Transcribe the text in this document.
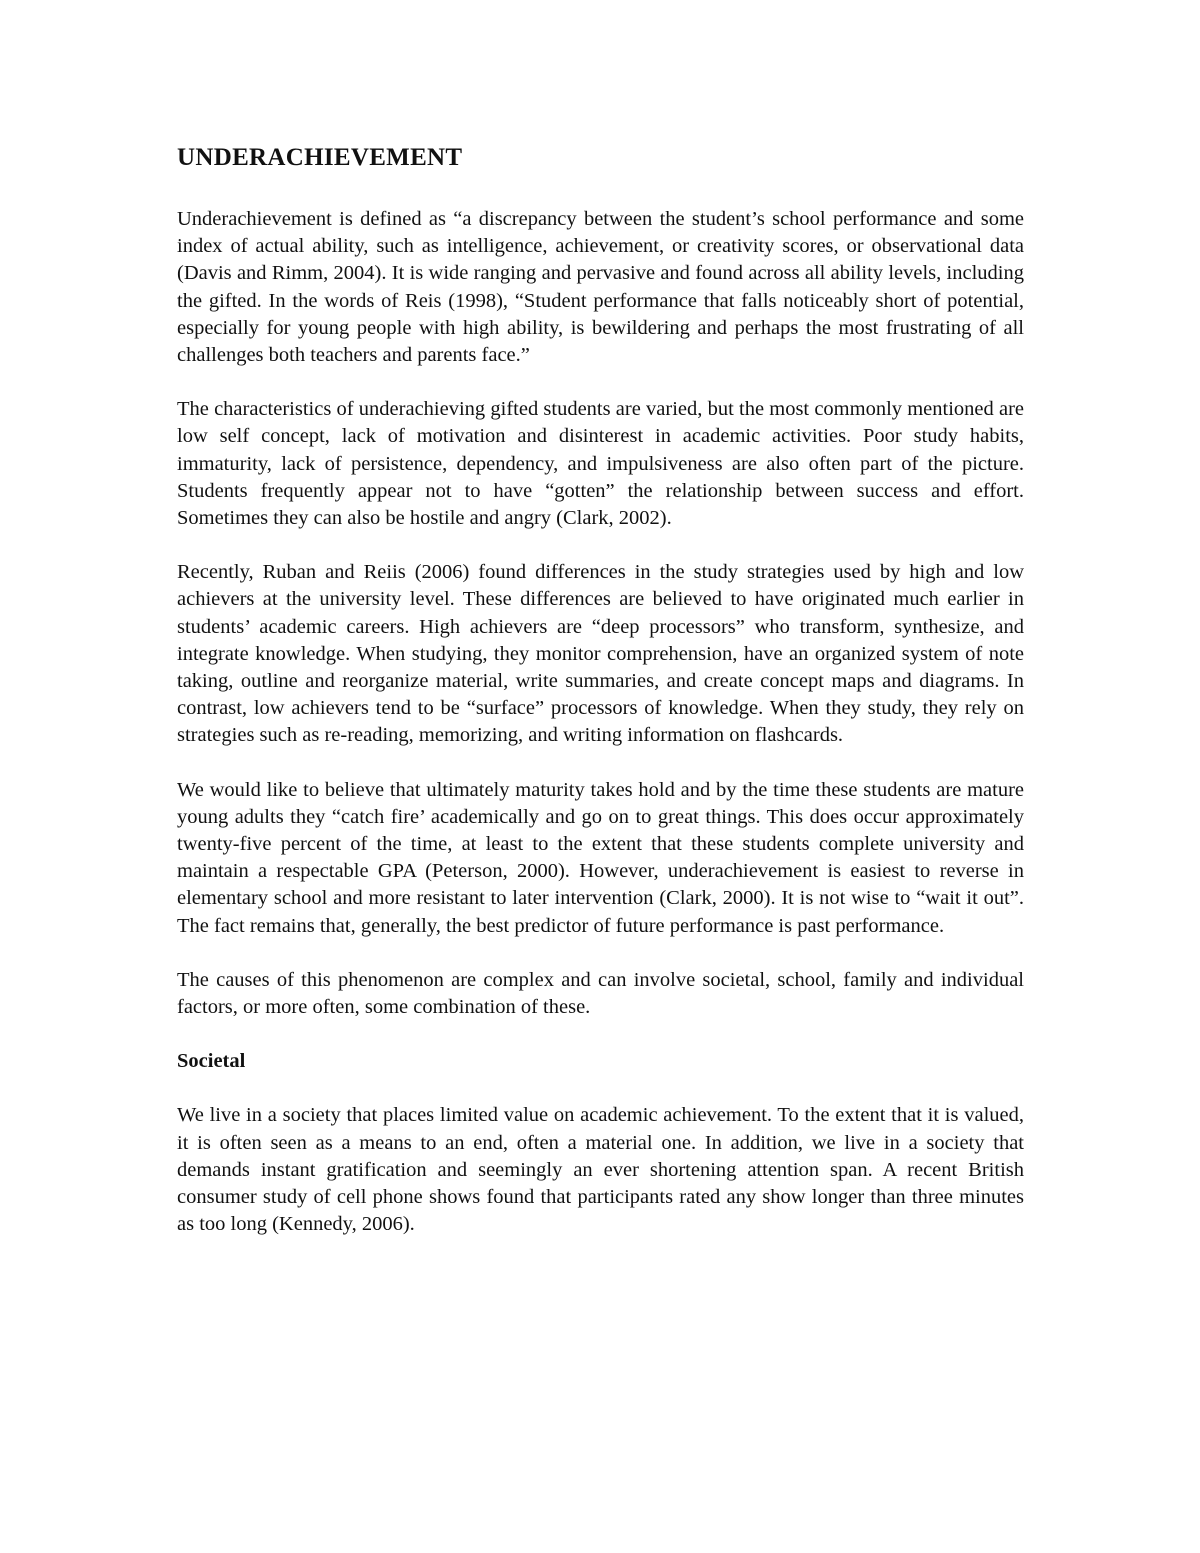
UNDERACHIEVEMENT

Underachievement is defined as “a discrepancy between the student’s school performance and some index of actual ability, such as intelligence, achievement, or creativity scores, or observational data (Davis and Rimm, 2004). It is wide ranging and pervasive and found across all ability levels, including the gifted. In the words of Reis (1998), “Student performance that falls noticeably short of potential, especially for young people with high ability, is bewildering and perhaps the most frustrating of all challenges both teachers and parents face.”

The characteristics of underachieving gifted students are varied, but the most commonly mentioned are low self concept, lack of motivation and disinterest in academic activities. Poor study habits, immaturity, lack of persistence, dependency, and impulsiveness are also often part of the picture. Students frequently appear not to have “gotten” the relationship between success and effort. Sometimes they can also be hostile and angry (Clark, 2002).

Recently, Ruban and Reiis (2006) found differences in the study strategies used by high and low achievers at the university level. These differences are believed to have originated much earlier in students’ academic careers. High achievers are “deep processors” who transform, synthesize, and integrate knowledge. When studying, they monitor comprehension, have an organized system of note taking, outline and reorganize material, write summaries, and create concept maps and diagrams. In contrast, low achievers tend to be “surface” processors of knowledge. When they study, they rely on strategies such as re-reading, memorizing, and writing information on flashcards.

We would like to believe that ultimately maturity takes hold and by the time these students are mature young adults they “catch fire’ academically and go on to great things. This does occur approximately twenty-five percent of the time, at least to the extent that these students complete university and maintain a respectable GPA (Peterson, 2000). However, underachievement is easiest to reverse in elementary school and more resistant to later intervention (Clark, 2000). It is not wise to “wait it out”. The fact remains that, generally, the best predictor of future performance is past performance.

The causes of this phenomenon are complex and can involve societal, school, family and individual factors, or more often, some combination of these.

Societal

We live in a society that places limited value on academic achievement. To the extent that it is valued, it is often seen as a means to an end, often a material one. In addition, we live in a society that demands instant gratification and seemingly an ever shortening attention span. A recent British consumer study of cell phone shows found that participants rated any show longer than three minutes as too long (Kennedy, 2006).
